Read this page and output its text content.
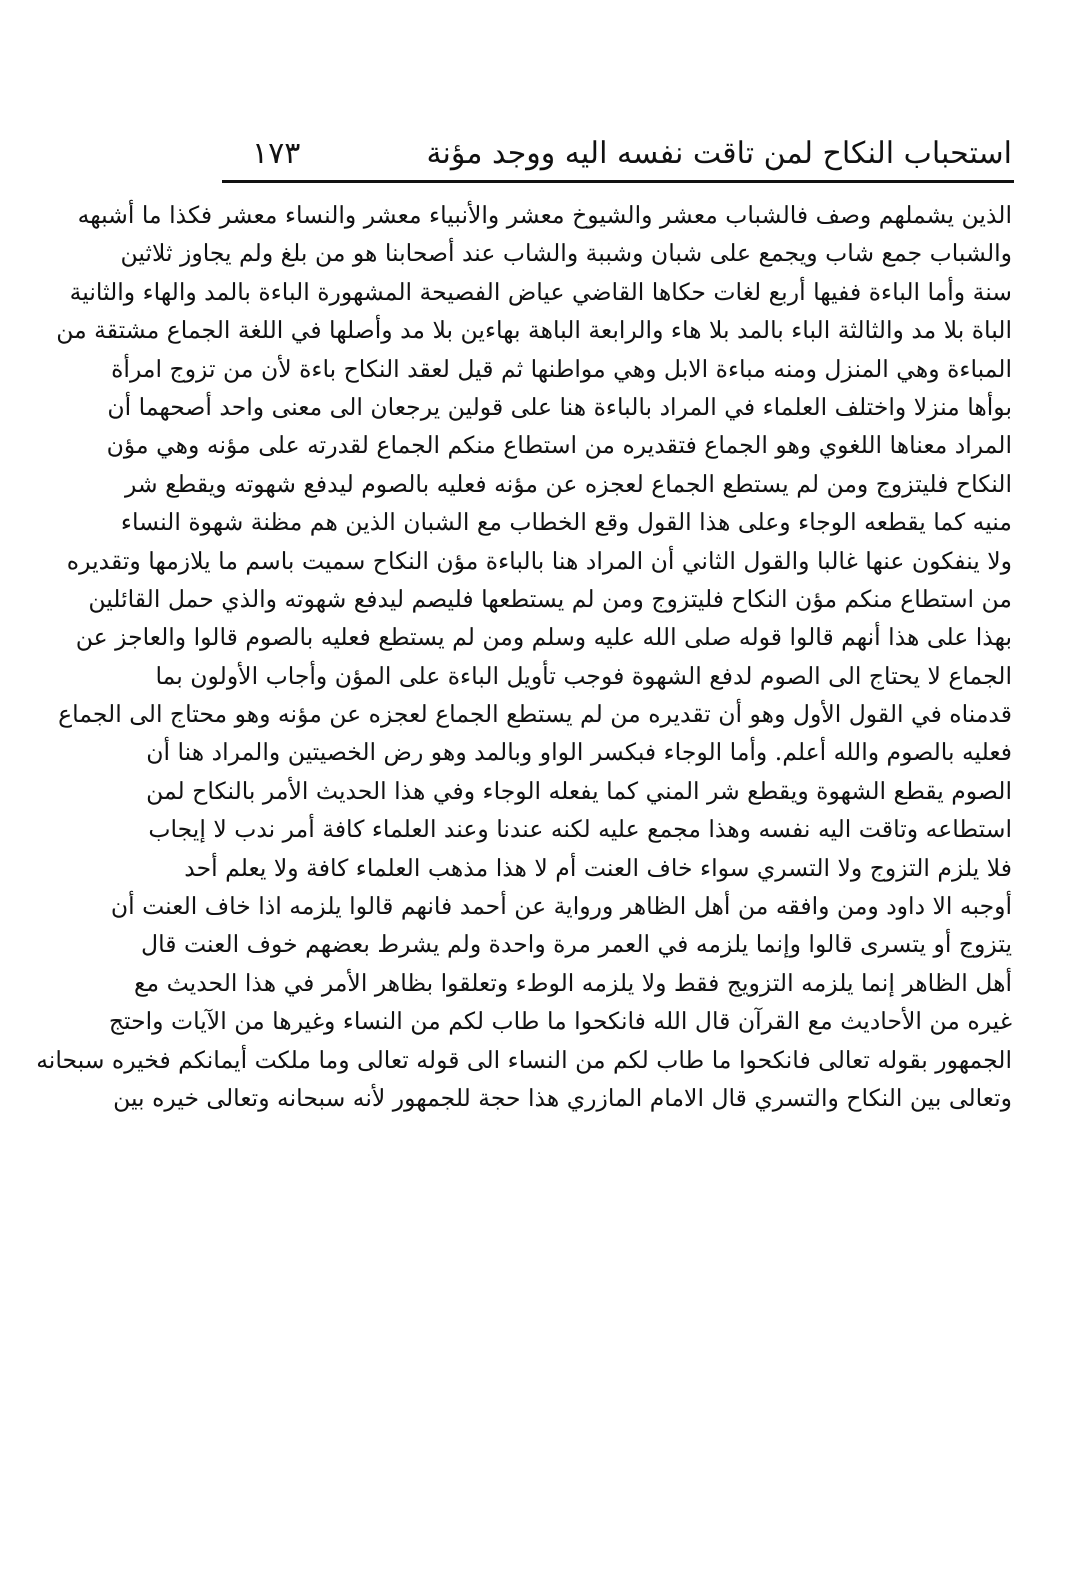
استحباب النكاح لمن تاقت نفسه اليه ووجد مؤنة
١٧٣
الذين يشملهم وصف فالشباب معشر والشيوخ معشر والأنبياء معشر والنساء معشر فكذا ما أشبهه
والشباب جمع شاب ويجمع على شبان وشببة والشاب عند أصحابنا هو من بلغ ولم يجاوز ثلاثين
سنة وأما الباءة ففيها أربع لغات حكاها القاضي عياض الفصيحة المشهورة الباءة بالمد والهاء والثانية
الباة بلا مد والثالثة الباء بالمد بلا هاء والرابعة الباهة بهاءين بلا مد وأصلها في اللغة الجماع مشتقة من
المباءة وهي المنزل ومنه مباءة الابل وهي مواطنها ثم قيل لعقد النكاح باءة لأن من تزوج امرأة
بوأها منزلا واختلف العلماء في المراد بالباءة هنا على قولين يرجعان الى معنى واحد أصحهما أن
المراد معناها اللغوي وهو الجماع فتقديره من استطاع منكم الجماع لقدرته على مؤنه وهي مؤن
النكاح فليتزوج ومن لم يستطع الجماع لعجزه عن مؤنه فعليه بالصوم ليدفع شهوته ويقطع شر
منيه كما يقطعه الوجاء وعلى هذا القول وقع الخطاب مع الشبان الذين هم مظنة شهوة النساء
ولا ينفكون عنها غالبا والقول الثاني أن المراد هنا بالباءة مؤن النكاح سميت باسم ما يلازمها وتقديره
من استطاع منكم مؤن النكاح فليتزوج ومن لم يستطعها فليصم ليدفع شهوته والذي حمل القائلين
بهذا على هذا أنهم قالوا قوله صلى الله عليه وسلم ومن لم يستطع فعليه بالصوم قالوا والعاجز عن
الجماع لا يحتاج الى الصوم لدفع الشهوة فوجب تأويل الباءة على المؤن وأجاب الأولون بما
قدمناه في القول الأول وهو أن تقديره من لم يستطع الجماع لعجزه عن مؤنه وهو محتاج الى الجماع
فعليه بالصوم والله أعلم. وأما الوجاء فبكسر الواو وبالمد وهو رض الخصيتين والمراد هنا أن
الصوم يقطع الشهوة ويقطع شر المني كما يفعله الوجاء وفي هذا الحديث الأمر بالنكاح لمن
استطاعه وتاقت اليه نفسه وهذا مجمع عليه لكنه عندنا وعند العلماء كافة أمر ندب لا إيجاب
فلا يلزم التزوج ولا التسري سواء خاف العنت أم لا هذا مذهب العلماء كافة ولا يعلم أحد
أوجبه الا داود ومن وافقه من أهل الظاهر ورواية عن أحمد فانهم قالوا يلزمه اذا خاف العنت أن
يتزوج أو يتسرى قالوا وإنما يلزمه في العمر مرة واحدة ولم يشرط بعضهم خوف العنت قال
أهل الظاهر إنما يلزمه التزويج فقط ولا يلزمه الوطء وتعلقوا بظاهر الأمر في هذا الحديث مع
غيره من الأحاديث مع القرآن قال الله فانكحوا ما طاب لكم من النساء وغيرها من الآيات واحتج
الجمهور بقوله تعالى فانكحوا ما طاب لكم من النساء الى قوله تعالى وما ملكت أيمانكم فخيره سبحانه
وتعالى بين النكاح والتسري قال الامام المازري هذا حجة للجمهور لأنه سبحانه وتعالى خيره بين
